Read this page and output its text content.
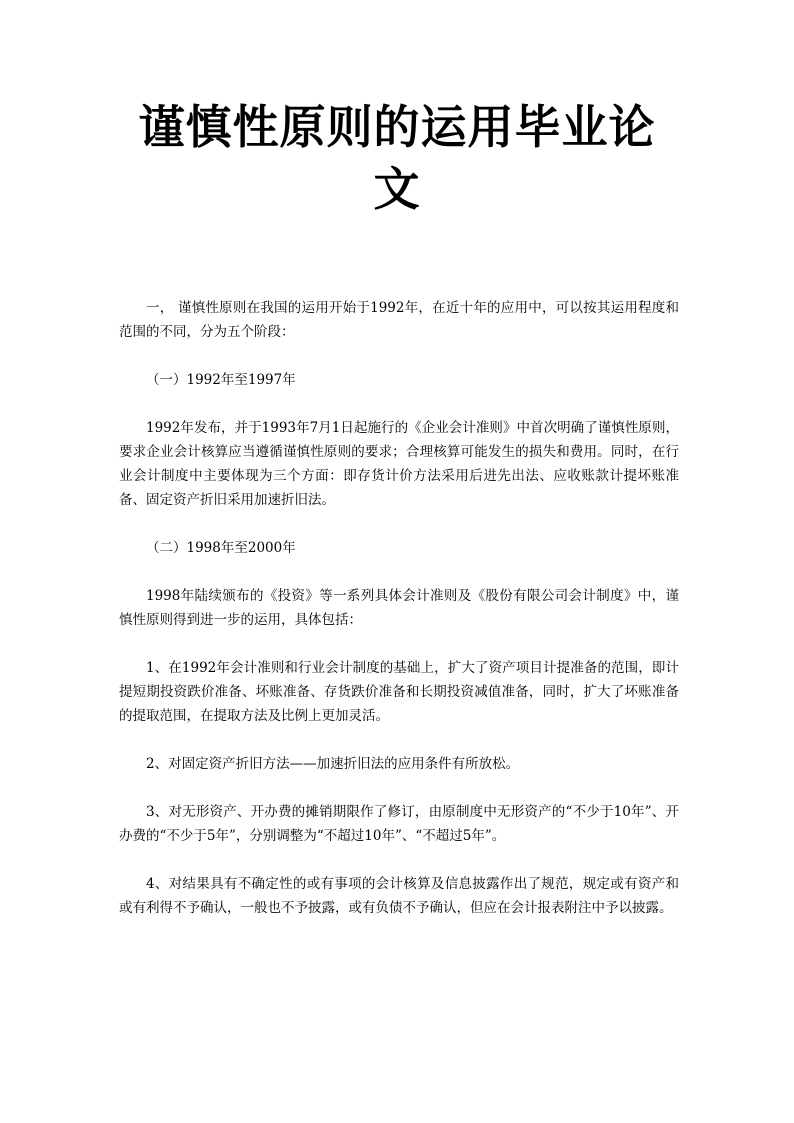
谨慎性原则的运用毕业论文

一， 谨慎性原则在我国的运用开始于1992年，在近十年的应用中，可以按其运用程度和范围的不同，分为五个阶段：

（一）1992年至1997年

1992年发布，并于1993年7月1日起施行的《企业会计准则》中首次明确了谨慎性原则，要求企业会计核算应当遵循谨慎性原则的要求；合理核算可能发生的损失和费用。同时，在行业会计制度中主要体现为三个方面：即存货计价方法采用后进先出法、应收账款计提坏账准备、固定资产折旧采用加速折旧法。

（二）1998年至2000年

1998年陆续颁布的《投资》等一系列具体会计准则及《股份有限公司会计制度》中，谨慎性原则得到进一步的运用，具体包括：

1、在1992年会计准则和行业会计制度的基础上，扩大了资产项目计提准备的范围，即计提短期投资跌价准备、坏账准备、存货跌价准备和长期投资减值准备，同时，扩大了坏账准备的提取范围，在提取方法及比例上更加灵活。

2、对固定资产折旧方法——加速折旧法的应用条件有所放松。

3、对无形资产、开办费的摊销期限作了修订，由原制度中无形资产的“不少于10年”、开办费的“不少于5年”，分别调整为“不超过10年”、“不超过5年”。

4、对结果具有不确定性的或有事项的会计核算及信息披露作出了规范，规定或有资产和或有利得不予确认，一般也不予披露，或有负债不予确认，但应在会计报表附注中予以披露。
